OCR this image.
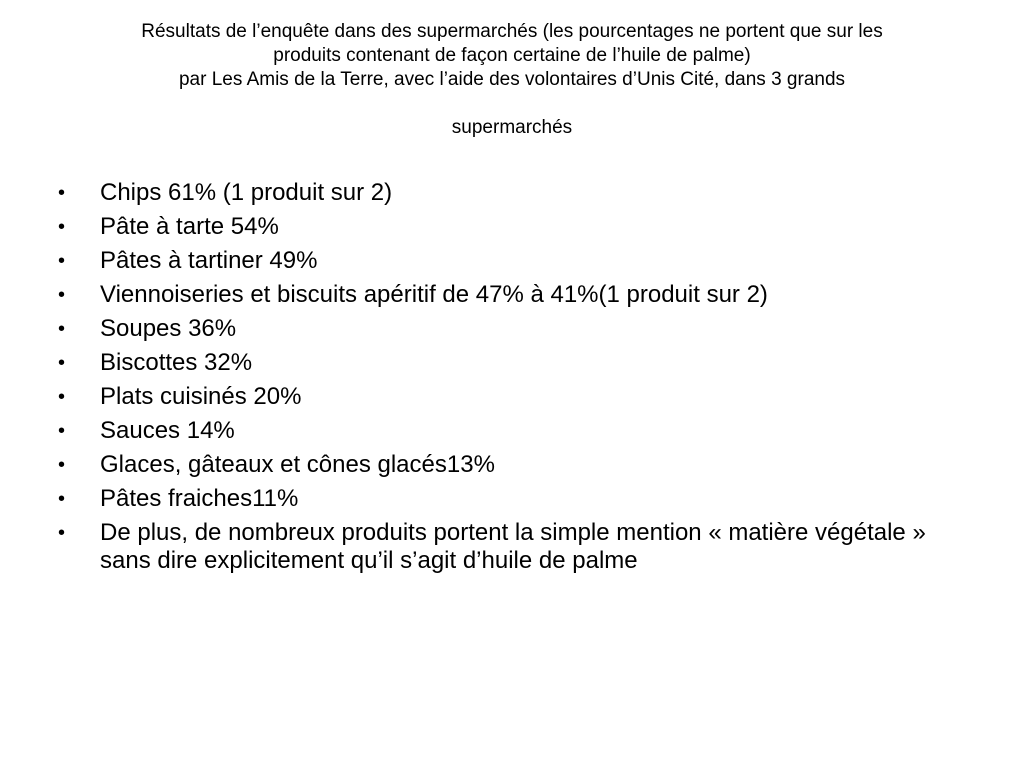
Résultats de l’enquête dans des supermarchés (les pourcentages ne portent que sur les
produits contenant de façon certaine de l’huile de palme)
par Les Amis de la Terre, avec l’aide des volontaires d’Unis Cité, dans 3 grands
supermarchés
•	Chips 61% (1 produit sur 2)
•	Pâte à tarte 54%
•	Pâtes à tartiner 49%
•	Viennoiseries et biscuits apéritif de 47% à 41%(1 produit sur 2)
•	Soupes 36%
•	Biscottes 32%
•	Plats cuisinés 20%
•	Sauces 14%
•	Glaces, gâteaux et cônes glacés13%
•	Pâtes fraiches11%
•	De plus, de nombreux produits portent la simple mention « matière végétale » sans dire explicitement qu’il s’agit d’huile de palme
